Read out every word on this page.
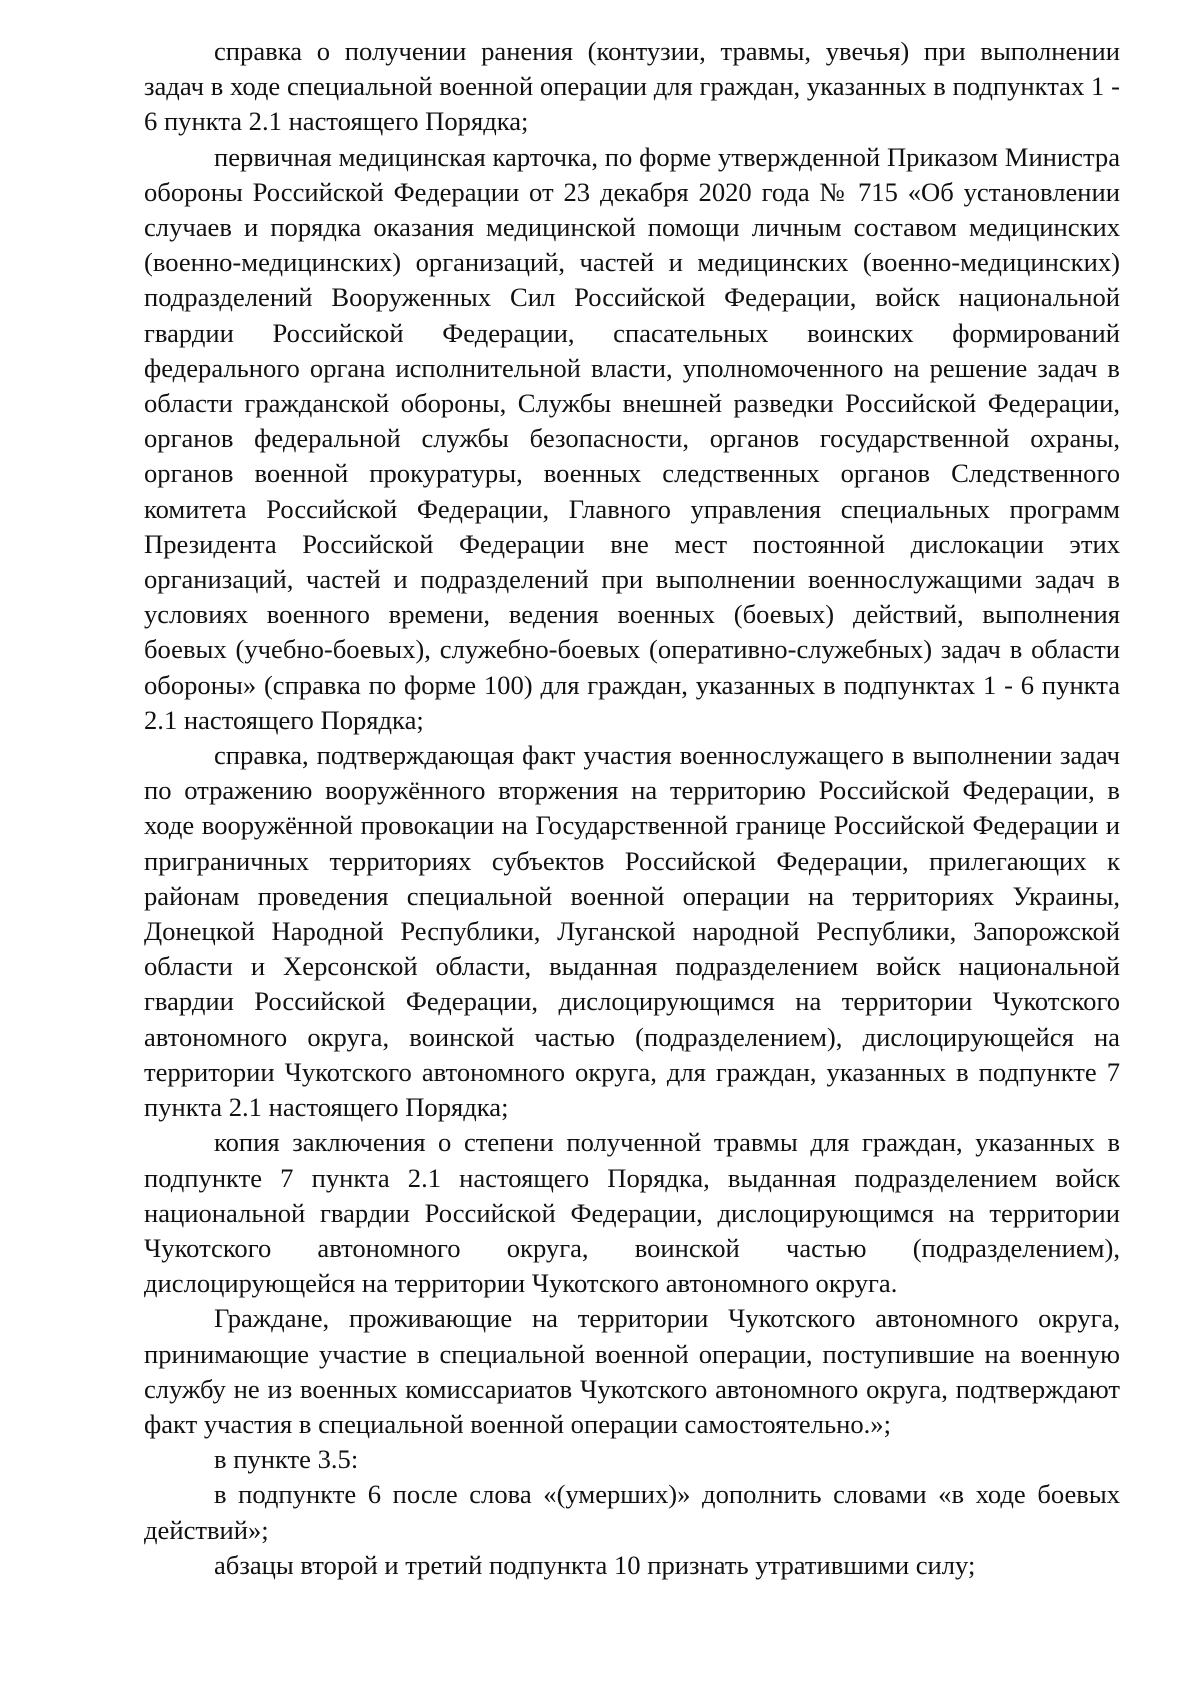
справка о получении ранения (контузии, травмы, увечья) при выполнении задач в ходе специальной военной операции для граждан, указанных в подпунктах 1 - 6 пункта 2.1 настоящего Порядка;

первичная медицинская карточка, по форме утвержденной Приказом Министра обороны Российской Федерации от 23 декабря 2020 года № 715 «Об установлении случаев и порядка оказания медицинской помощи личным составом медицинских (военно-медицинских) организаций, частей и медицинских (военно-медицинских) подразделений Вооруженных Сил Российской Федерации, войск национальной гвардии Российской Федерации, спасательных воинских формирований федерального органа исполнительной власти, уполномоченного на решение задач в области гражданской обороны, Службы внешней разведки Российской Федерации, органов федеральной службы безопасности, органов государственной охраны, органов военной прокуратуры, военных следственных органов Следственного комитета Российской Федерации, Главного управления специальных программ Президента Российской Федерации вне мест постоянной дислокации этих организаций, частей и подразделений при выполнении военнослужащими задач в условиях военного времени, ведения военных (боевых) действий, выполнения боевых (учебно-боевых), служебно-боевых (оперативно-служебных) задач в области обороны» (справка по форме 100) для граждан, указанных в подпунктах 1 - 6 пункта 2.1 настоящего Порядка;

справка, подтверждающая факт участия военнослужащего в выполнении задач по отражению вооружённого вторжения на территорию Российской Федерации, в ходе вооружённой провокации на Государственной границе Российской Федерации и приграничных территориях субъектов Российской Федерации, прилегающих к районам проведения специальной военной операции на территориях Украины, Донецкой Народной Республики, Луганской народной Республики, Запорожской области и Херсонской области, выданная подразделением войск национальной гвардии Российской Федерации, дислоцирующимся на территории Чукотского автономного округа, воинской частью (подразделением), дислоцирующейся на территории Чукотского автономного округа, для граждан, указанных в подпункте 7 пункта 2.1 настоящего Порядка;

копия заключения о степени полученной травмы для граждан, указанных в подпункте 7 пункта 2.1 настоящего Порядка, выданная подразделением войск национальной гвардии Российской Федерации, дислоцирующимся на территории Чукотского автономного округа, воинской частью (подразделением), дислоцирующейся на территории Чукотского автономного округа.

Граждане, проживающие на территории Чукотского автономного округа, принимающие участие в специальной военной операции, поступившие на военную службу не из военных комиссариатов Чукотского автономного округа, подтверждают факт участия в специальной военной операции самостоятельно.»;

в пункте 3.5:

в подпункте 6 после слова «(умерших)» дополнить словами «в ходе боевых действий»;

абзацы второй и третий подпункта 10 признать утратившими силу;
